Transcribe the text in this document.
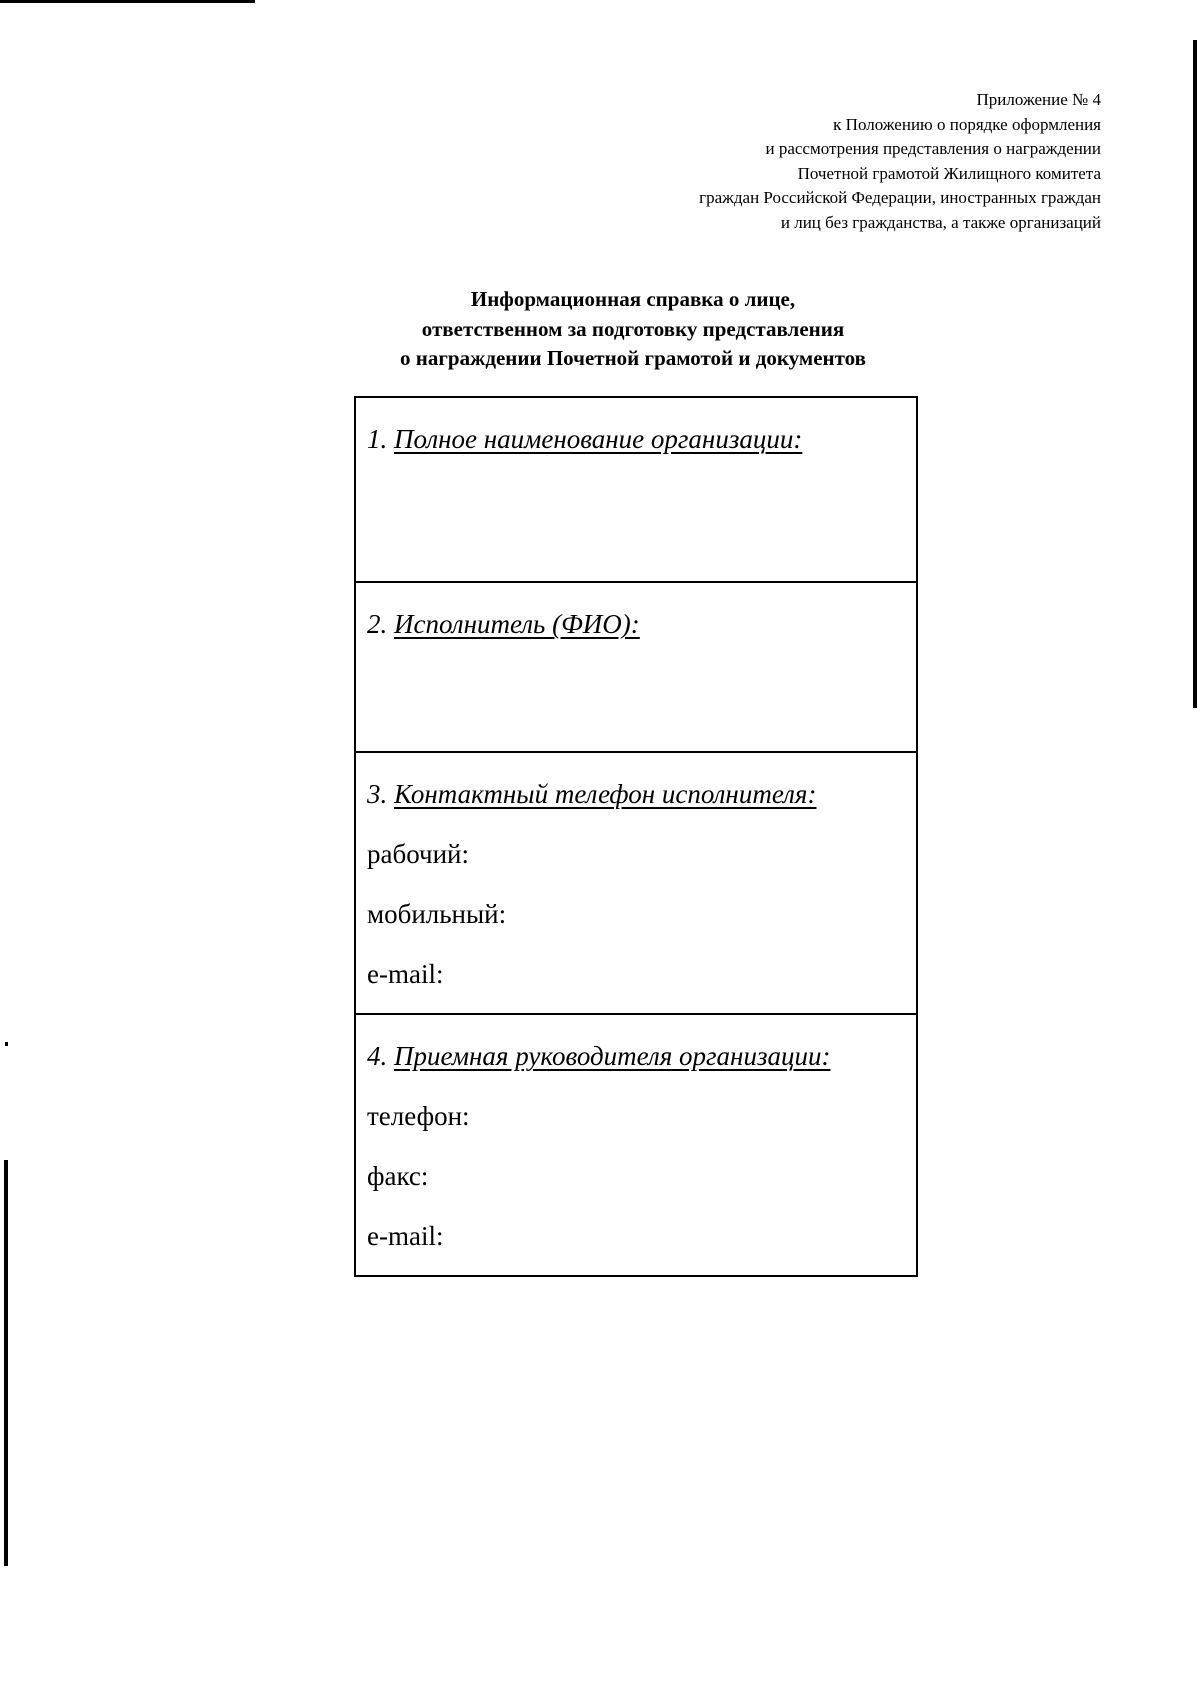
Приложение № 4
к Положению о порядке оформления
и рассмотрения представления о награждении
Почетной грамотой Жилищного комитета
граждан Российской Федерации, иностранных граждан
и лиц без гражданства, а также организаций
Информационная справка о лице,
ответственном за подготовку представления
о награждении Почетной грамотой и документов
1. Полное наименование организации:
2. Исполнитель (ФИО):
3. Контактный телефон исполнителя:
рабочий:
мобильный:
e-mail:
4. Приемная руководителя организации:
телефон:
факс:
e-mail:
